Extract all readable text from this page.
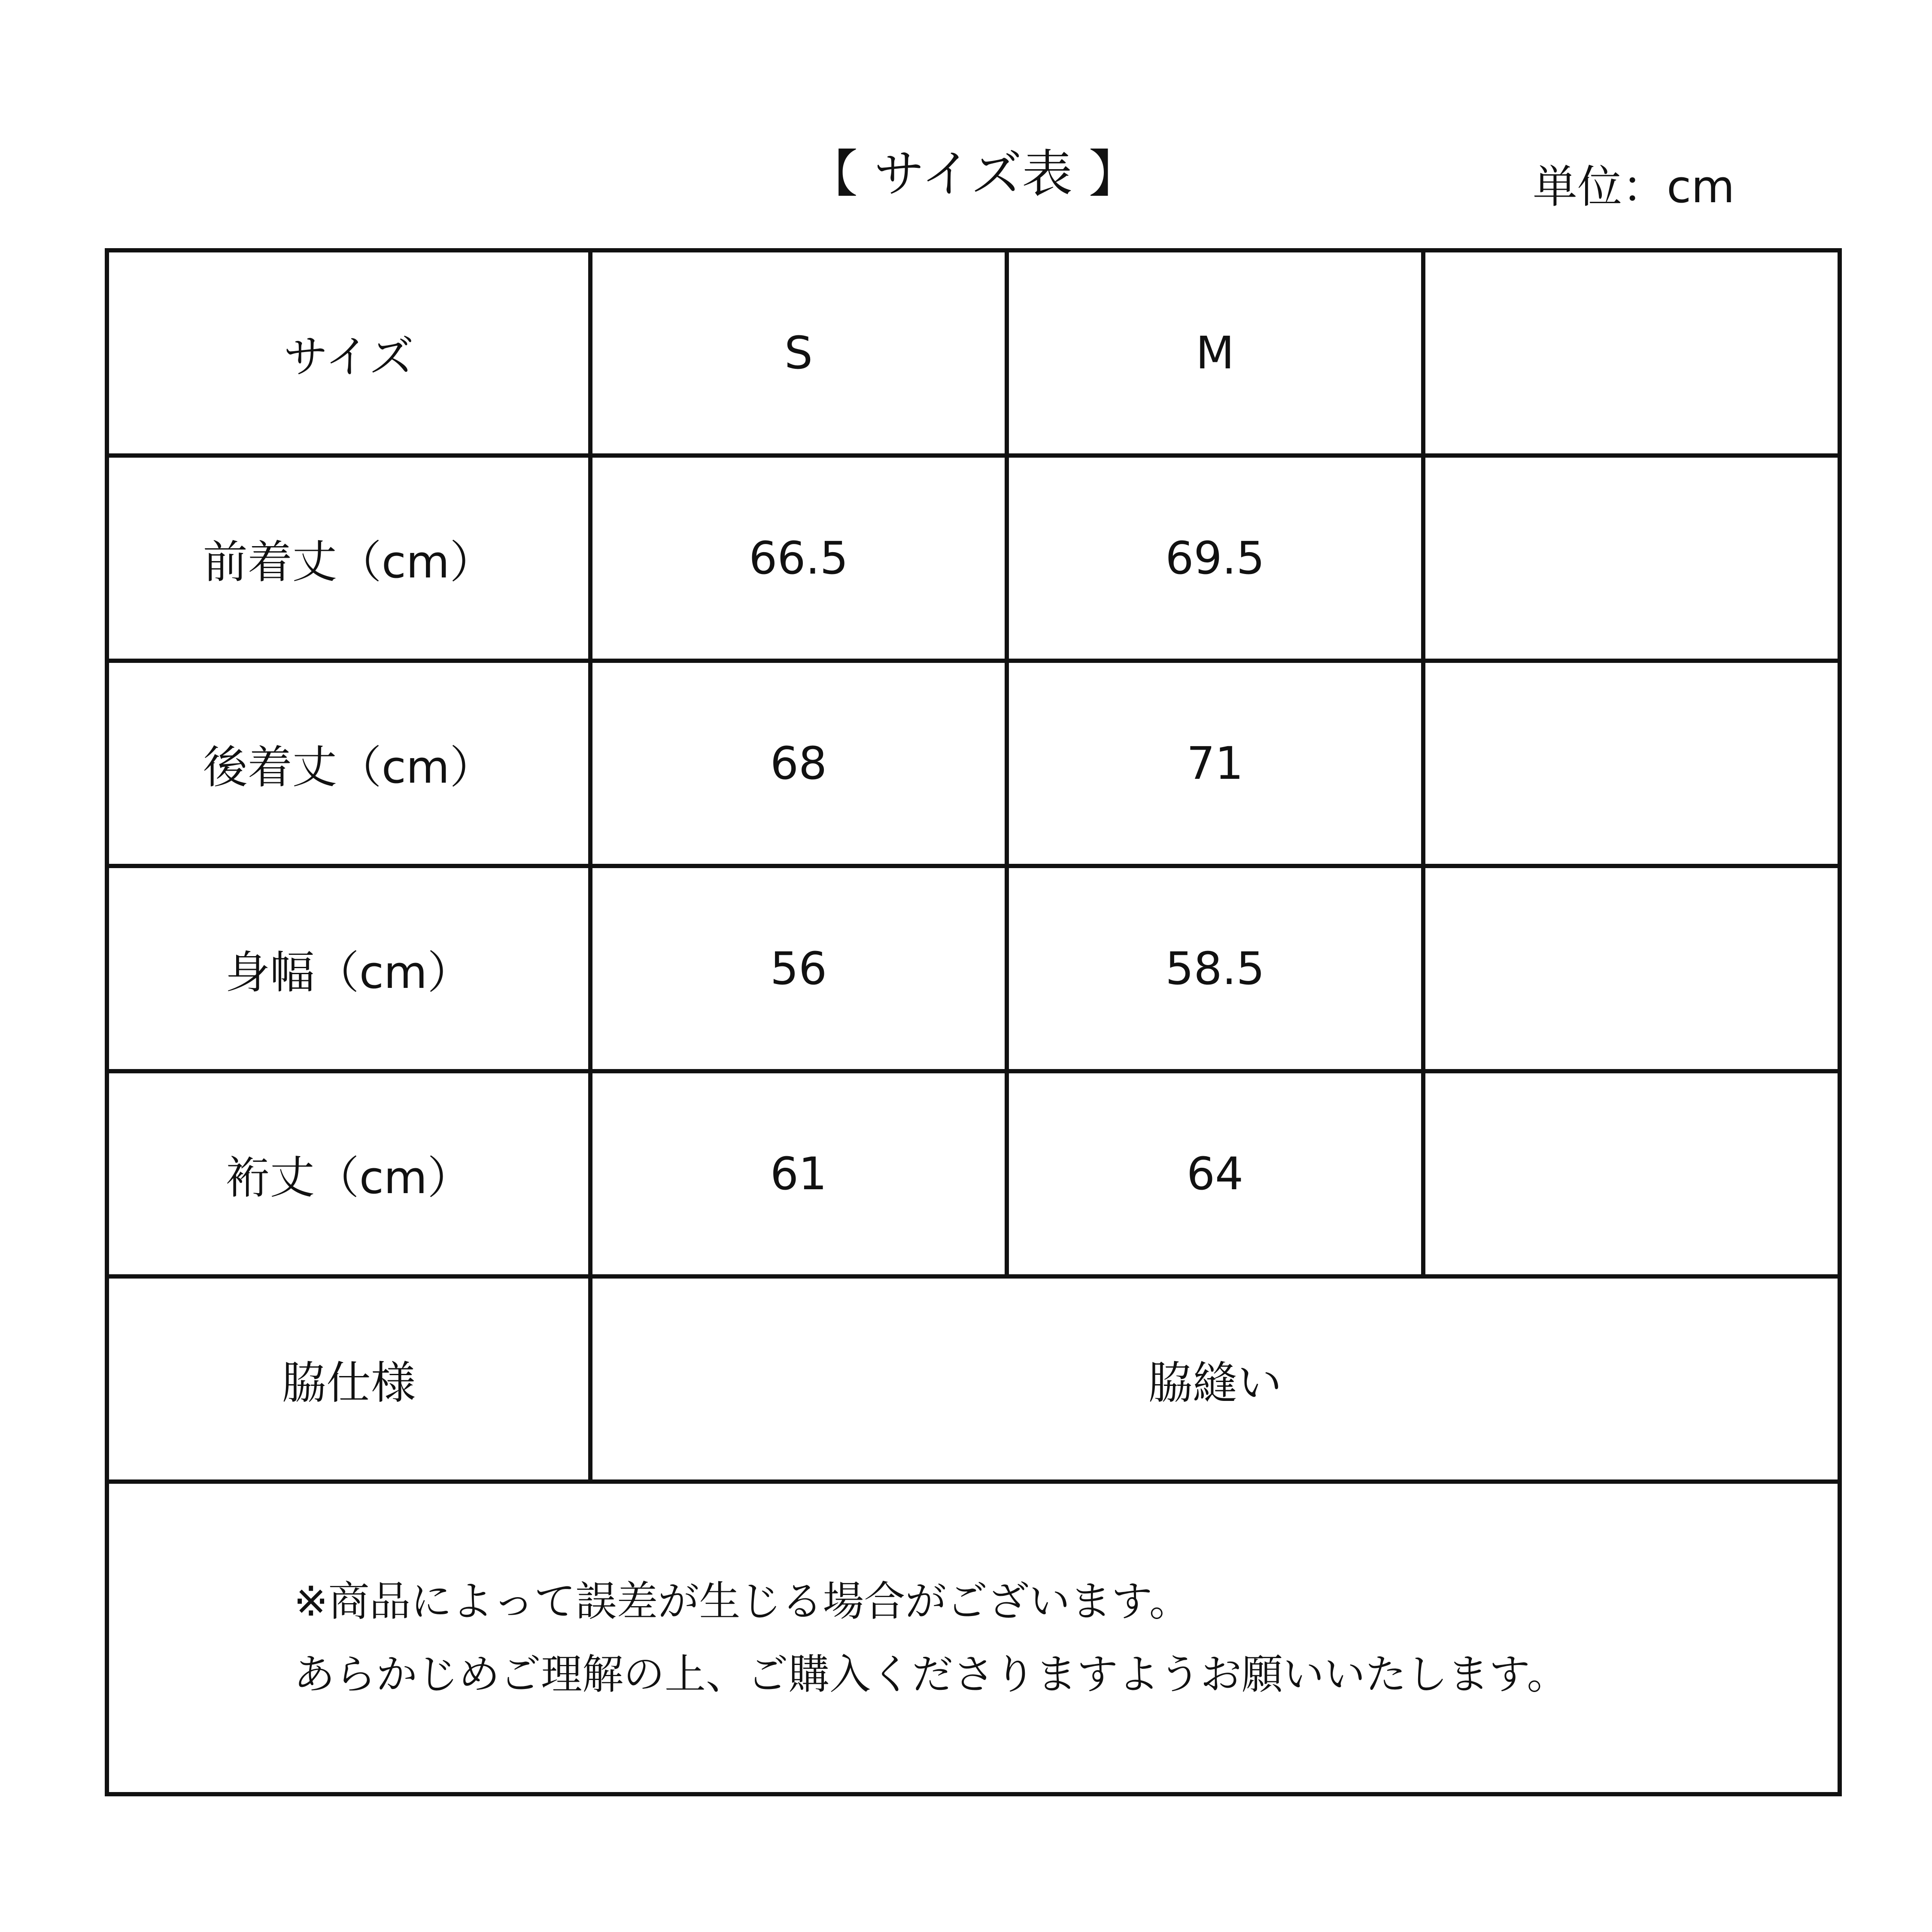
【 サイズ表 】	単位：cm
サイズ	S	M	
前着丈（cm）	66.5	69.5	
後着丈（cm）	68	71	
身幅（cm）	56	58.5	
裄丈（cm）	61	64	
脇仕様	脇縫い		

※商品によって誤差が生じる場合がございます。
あらかじめご理解の上、ご購入くださりますようお願いいたします。			
